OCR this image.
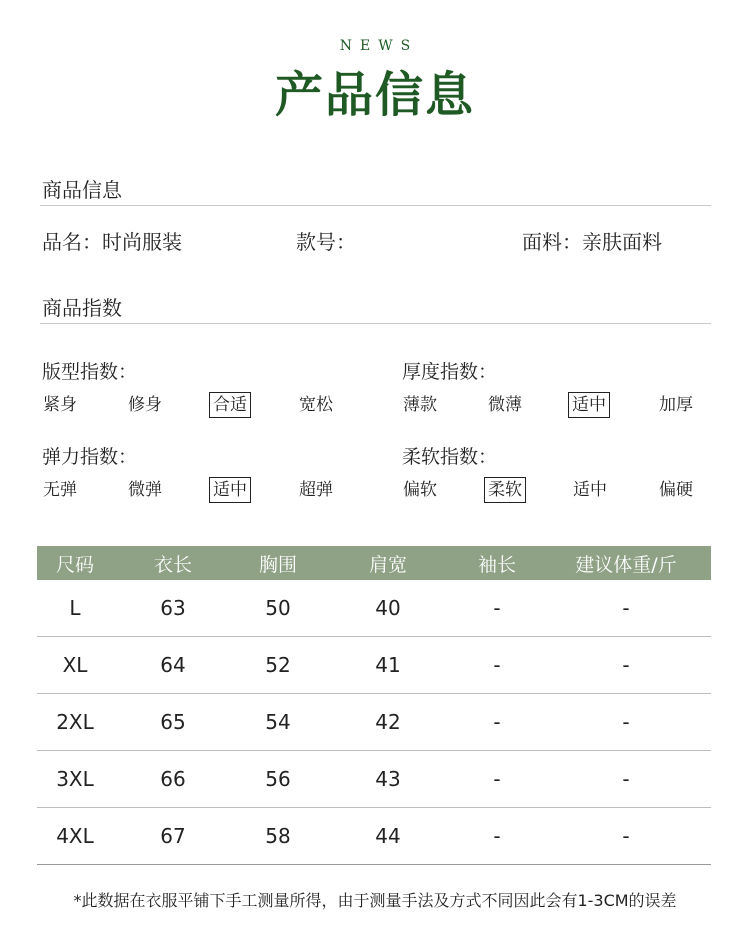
NEWS
产品信息
商品信息
品名：时尚服装	款号：	面料：亲肤面料
商品指数
版型指数：
紧身	修身	合适	宽松
厚度指数：
薄款	微薄	适中	加厚
弹力指数：
无弹	微弹	适中	超弹
柔软指数：
偏软	柔软	适中	偏硬
尺码	衣长	胸围	肩宽	袖长	建议体重/斤
L	63	50	40	-	-
XL	64	52	41	-	-
2XL	65	54	42	-	-
3XL	66	56	43	-	-
4XL	67	58	44	-	-
*此数据在衣服平铺下手工测量所得，由于测量手法及方式不同因此会有1-3CM的误差
